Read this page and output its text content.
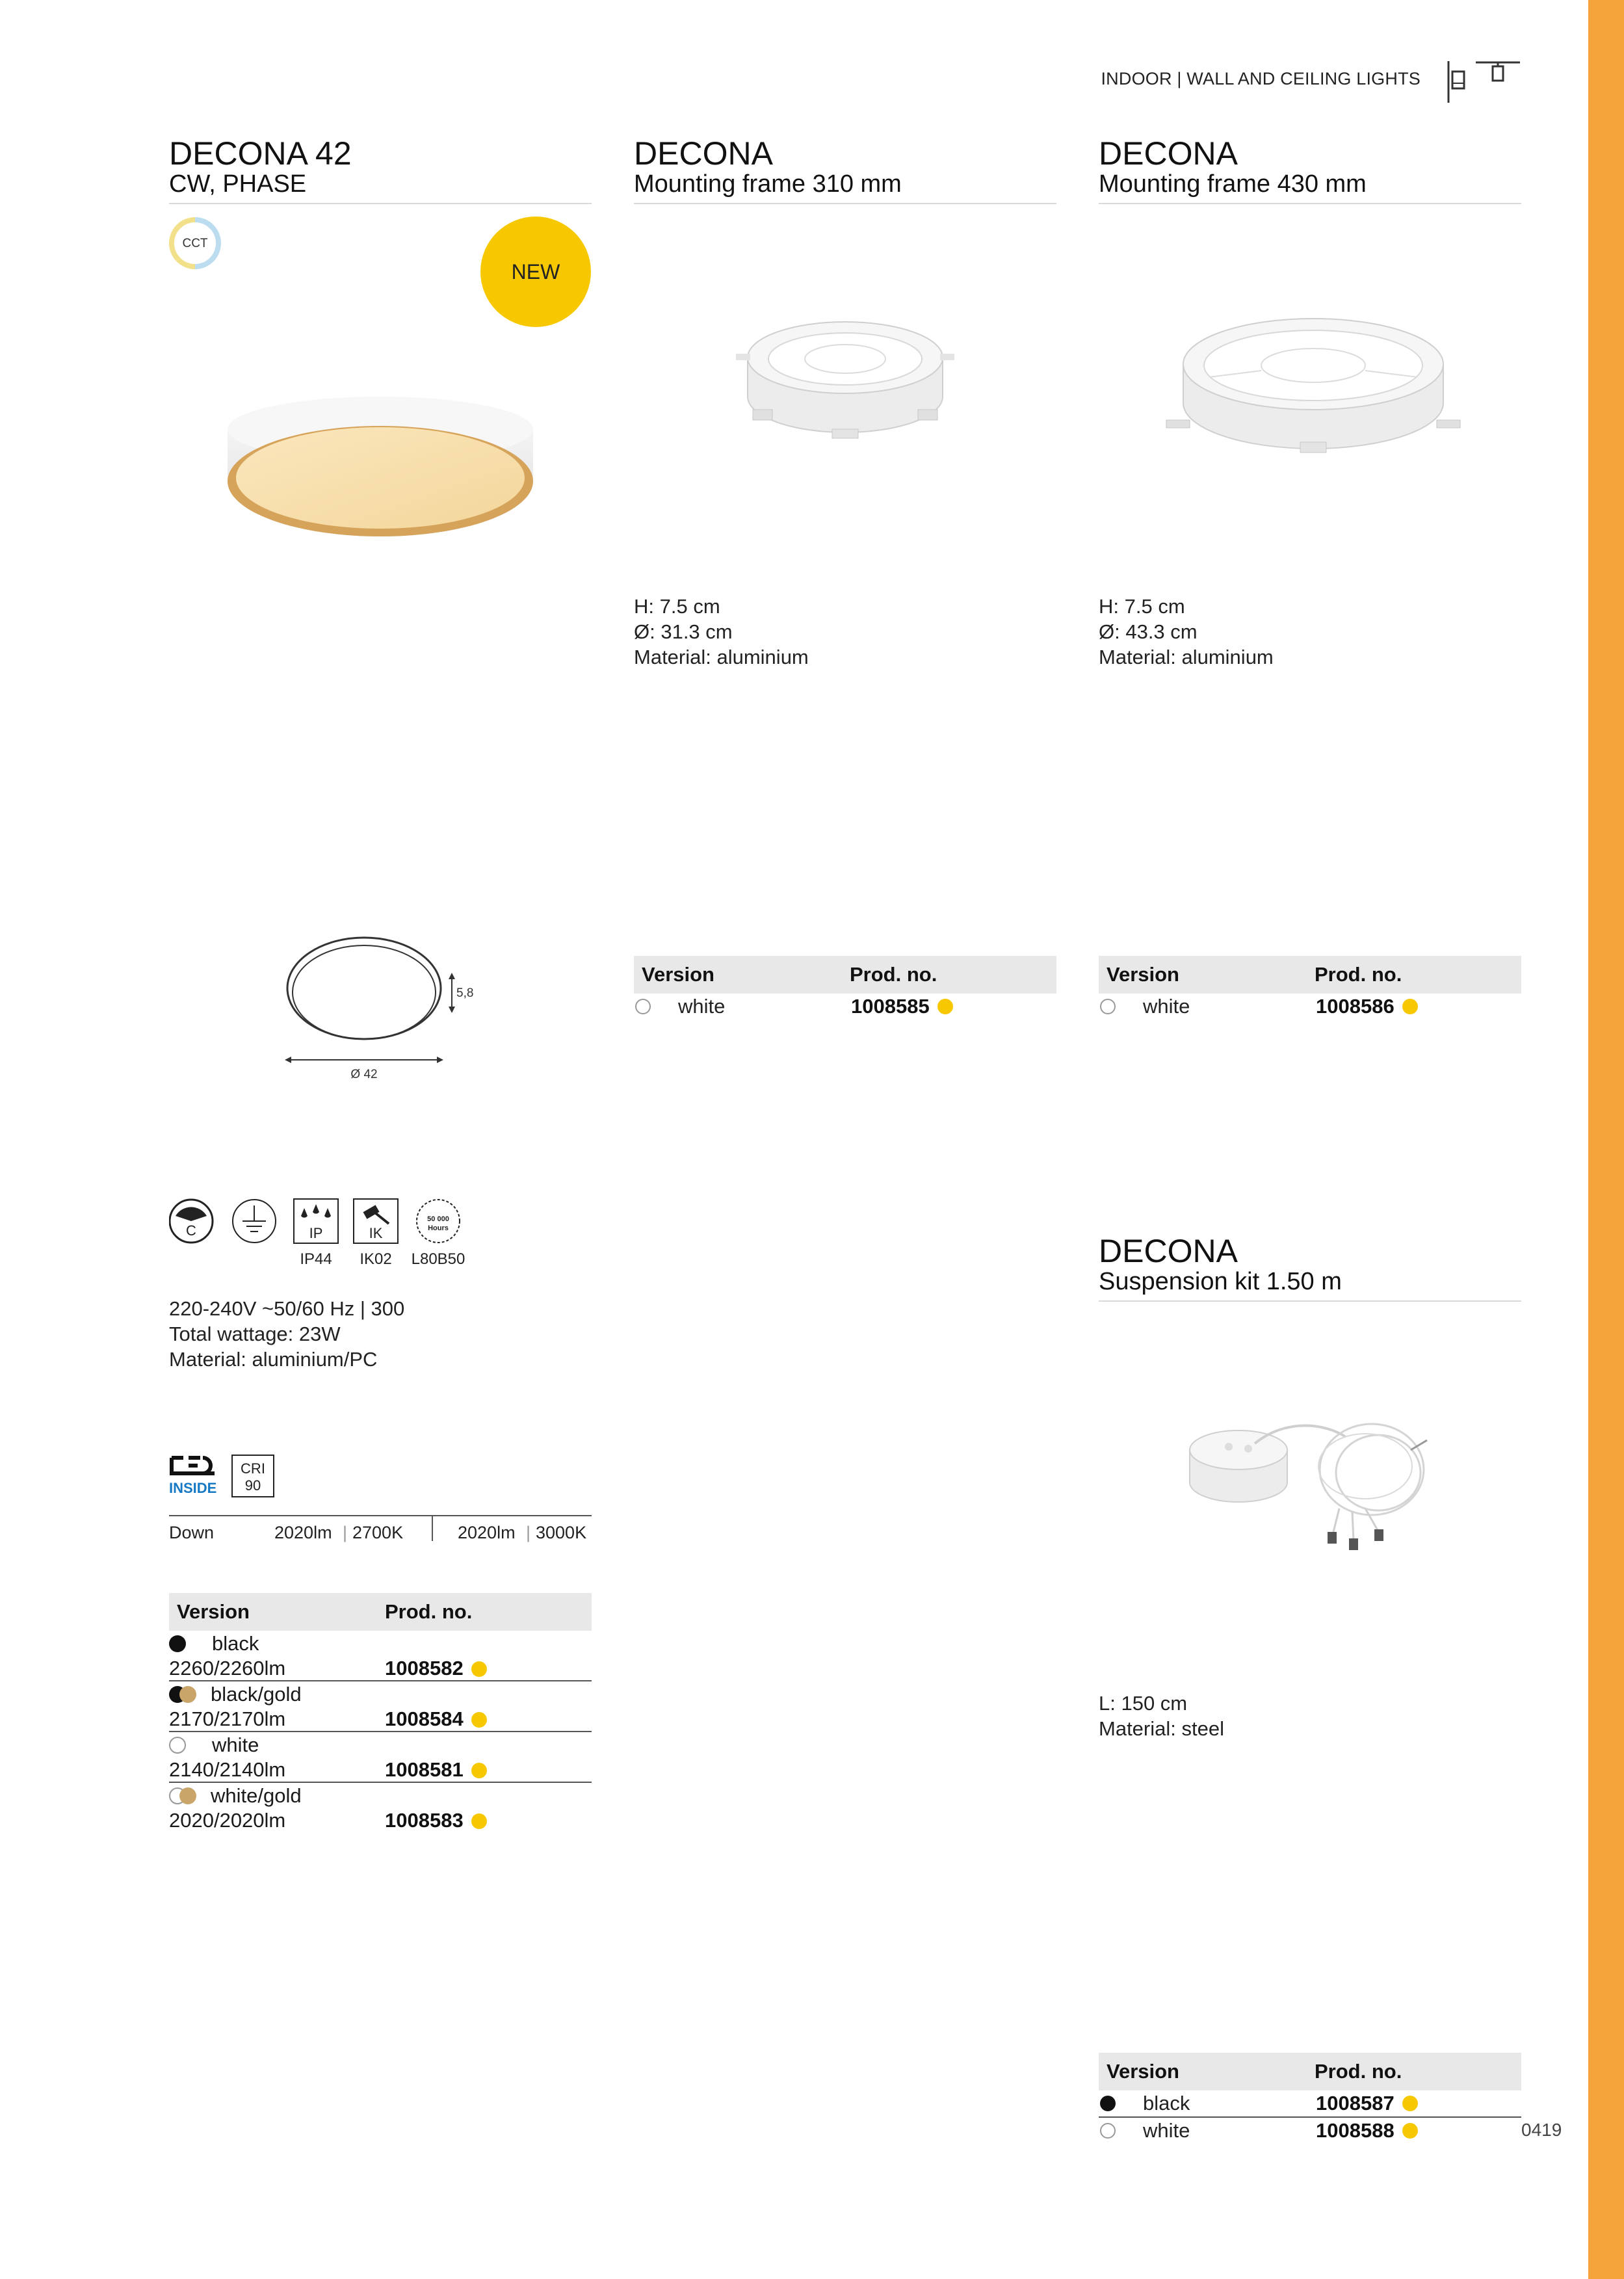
INDOOR | WALL AND CEILING LIGHTS
DECONA 42
CW, PHASE
CCT
NEW
5,8
Ø 42
C	IP	IK
50 000
Hours
IP44	IK02	L80B50
220-240V ~50/60 Hz | 300
Total wattage: 23W
Material: aluminium/PC
INSIDE
CRI
90
Down	2020lm | 2700K	2020lm | 3000K
Version	Prod. no.
black
2260/2260lm	1008582
black/gold
2170/2170lm	1008584
white
2140/2140lm	1008581
white/gold
2020/2020lm	1008583
DECONA
Mounting frame 310 mm
H: 7.5 cm
Ø: 31.3 cm
Material: aluminium
Version	Prod. no.
white	1008585
DECONA
Mounting frame 430 mm
H: 7.5 cm
Ø: 43.3 cm
Material: aluminium
Version	Prod. no.
white	1008586
DECONA
Suspension kit 1.50 m
L: 150 cm
Material: steel
Version	Prod. no.
black	1008587
white	1008588	0419
